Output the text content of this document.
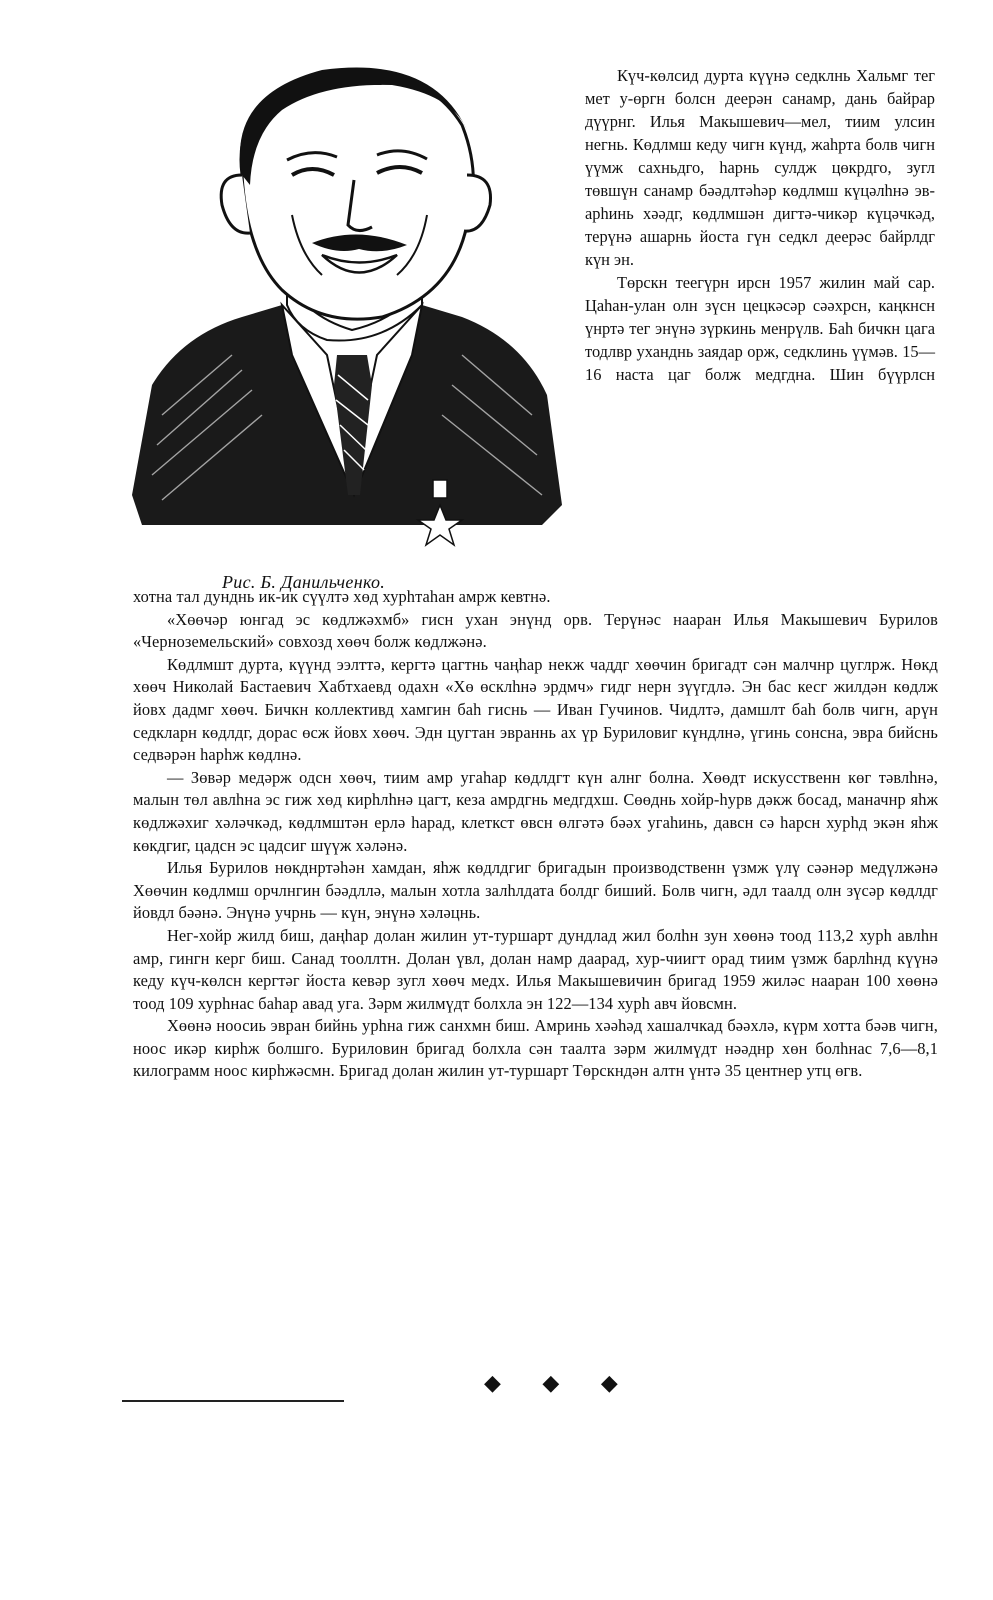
Рис. Б. Данильченко.

Күч-көлсид дурта күүнә седклнь Хальмг тег мет у-өргн болсн деерән санамр, дань байрар дүүрнг. Илья Макышевич—мел, тиим улсин негнь. Көдлмш кеду чигн күнд, жаһрта болв чигн үүмж сахньдго, һарнь сулдж цөкрдго, зугл төвшүн санамр бәәдлтәһәр көдлмш күцәлһнә эв-арһинь хәәдг, көдлмшән дигтә-чикәр күцәчкәд, терүнә ашарнь йоста гүн седкл деерәс байрлдг күн эн.

Төрскн теегүрн ирсн 1957 жилин май сар. Цаһан-улан олн зүсн цецкәсәр сәәхрсн, каңкнсн үнртә тег энүнә зүркинь менрүлв. Баһ бичкн цага тодлвр уханднь заядар орж, седклинь үүмәв. 15—16 наста цаг болж медгдна. Шин бүүрлсн

хотна тал дунднь ик-ик сүүлтә хөд хурһтаһан амрж кевтнә.

«Хөөчәр юнгад эс көдлжәхмб» гисн ухан энүнд орв. Терүнәс нааран Илья Макышевич Бурилов «Черноземельский» совхозд хөөч болж көдлжәнә.

Көдлмшт дурта, күүнд ээлттә, кергтә цагтнь чаңһар некж чаддг хөөчин бригадт сән малчнр цуглрж. Нөкд хөөч Николай Бастаевич Хабтхаевд одахн «Хө өсклһнә эрдмч» гидг нерн зүүгдлә. Эн бас кесг жилдән көдлж йовх дадмг хөөч. Бичкн коллективд хамгин баһ гиснь — Иван Гучинов. Чидлтә, дамшлт баһ болв чигн, арүн седкларн көдлдг, дорас өсж йовх хөөч. Эдн цугтан эвраннь ах үр Буриловиг күндлнә, үгинь сонсна, эвра бийснь седвәрән һарһж көдлнә.

— Зөвәр медәрж одсн хөөч, тиим амр угаһар көдлдгт күн алнг болна. Хөөдт искусственн көг тәвлһнә, малын төл авлһна эс гиж хөд кирһлһнә цагт, кеза амрдгнь медгдхш. Сөөднь хойр-һурв дәкж босад, маначнр яһж көдлжәхиг хәләчкәд, көдлмштән ерлә һарад, клеткст өвсн өлгәтә бәәх угаһинь, давсн сә һарсн хурһд экән яһж көкдгиг, цадсн эс цадсиг шүүж хәләнә.

Илья Бурилов нөкднртәһән хамдан, яһж көдлдгиг бригадын производственн үзмж үлү сәәнәр медүлжәнә Хөөчин көдлмш орчлнгин бәәдллә, малын хотла залһлдата болдг биший. Болв чигн, әдл таалд олн зүсәр көдлдг йовдл бәәнә. Энүнә учрнь — күн, энүнә хәләцнь.

Нег-хойр жилд биш, даңһар долан жилин ут-туршарт дундлад жил болһн зун хөөнә тоод 113,2 хурһ авлһн амр, гингн керг биш. Санад тооллтн. Долан үвл, долан намр даарад, хур-чиигт орад тиим үзмж барлһнд күүнә кеду күч-көлсн кергтәг йоста кевәр зугл хөөч медх. Илья Макышевичин бригад 1959 жиләс нааран 100 хөөнә тоод 109 хурһнас баһар авад уга. Зәрм жилмүдт болхла эн 122—134 хурһ авч йовсмн.

Хөөнә ноосиь эвран бийнь урһна гиж санхмн биш. Амринь хәәһәд хашалчкад бәәхлә, күрм хотта бәәв чигн, ноос икәр кирһж болшго. Буриловин бригад болхла сән таалта зәрм жилмүдт нәәднр хөн болһнас 7,6—8,1 килограмм ноос кирһжәсмн. Бригад долан жилин ут-туршарт Төрскндән алтн үнтә 35 центнер утц өгв.

◆ ◆ ◆
